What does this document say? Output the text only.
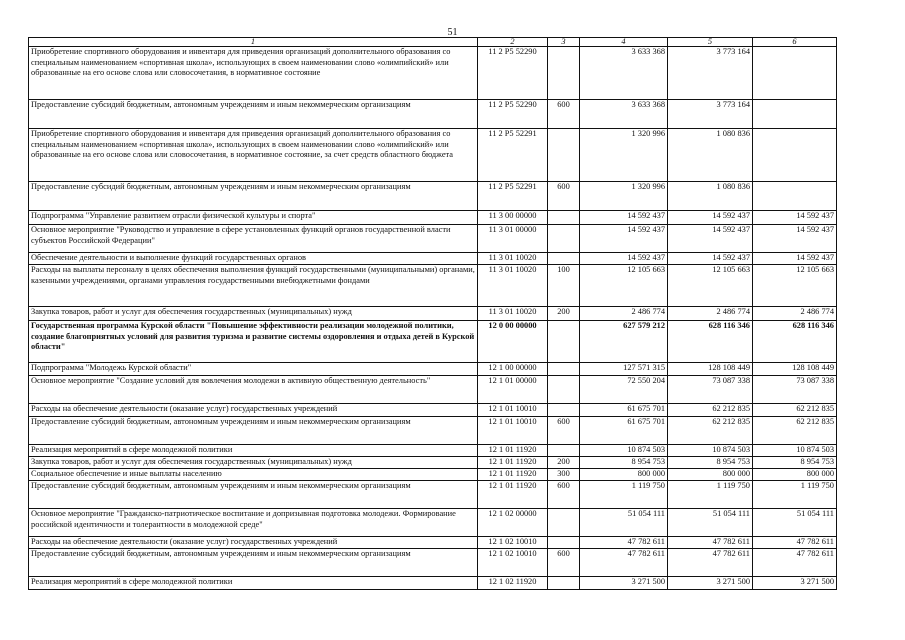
51
1	2	3	4	5	6
Приобретение спортивного оборудования и инвентаря для приведения организаций дополнительного образования со специальным наименованием «спортивная школа», использующих в своем наименовании слово «олимпийский» или образованные на его основе слова или словосочетания, в нормативное состояние	11 2 P5 52290		3 633 368	3 773 164	
Предоставление субсидий бюджетным, автономным учреждениям и иным некоммерческим организациям	11 2 P5 52290	600	3 633 368	3 773 164	
Приобретение спортивного оборудования и инвентаря для приведения организаций дополнительного образования со специальным наименованием «спортивная школа», использующих в своем наименовании слово «олимпийский» или образованные на его основе слова или словосочетания, в нормативное состояние, за счет средств областного бюджета	11 2 P5 52291		1 320 996	1 080 836	
Предоставление субсидий бюджетным, автономным учреждениям и иным некоммерческим организациям	11 2 P5 52291	600	1 320 996	1 080 836	
Подпрограмма "Управление развитием отрасли физической культуры и спорта"	11 3 00 00000		14 592 437	14 592 437	14 592 437
Основное мероприятие "Руководство и управление в сфере установленных функций органов государственной власти субъектов Российской Федерации"	11 3 01 00000		14 592 437	14 592 437	14 592 437
Обеспечение деятельности и выполнение функций государственных органов	11 3 01 10020		14 592 437	14 592 437	14 592 437
Расходы на выплаты персоналу в целях обеспечения выполнения функций государственными (муниципальными) органами, казенными учреждениями, органами управления государственными внебюджетными фондами	11 3 01 10020	100	12 105 663	12 105 663	12 105 663
Закупка товаров, работ и услуг для обеспечения государственных (муниципальных) нужд	11 3 01 10020	200	2 486 774	2 486 774	2 486 774
Государственная программа Курской области "Повышение эффективности реализации молодежной политики, создание благоприятных условий для развития туризма и развитие системы оздоровления и отдыха детей в Курской области"	12 0 00 00000		627 579 212	628 116 346	628 116 346
Подпрограмма "Молодежь Курской области"	12 1 00 00000		127 571 315	128 108 449	128 108 449
Основное мероприятие "Создание условий для вовлечения молодежи в активную общественную деятельность"	12 1 01 00000		72 550 204	73 087 338	73 087 338
Расходы на обеспечение деятельности (оказание услуг) государственных учреждений	12 1 01 10010		61 675 701	62 212 835	62 212 835
Предоставление субсидий бюджетным, автономным учреждениям и иным некоммерческим организациям	12 1 01 10010	600	61 675 701	62 212 835	62 212 835
Реализация мероприятий в сфере молодежной политики	12 1 01 11920		10 874 503	10 874 503	10 874 503
Закупка товаров, работ и услуг для обеспечения государственных (муниципальных) нужд	12 1 01 11920	200	8 954 753	8 954 753	8 954 753
Социальное обеспечение и иные выплаты населению	12 1 01 11920	300	800 000	800 000	800 000
Предоставление субсидий бюджетным, автономным учреждениям и иным некоммерческим организациям	12 1 01 11920	600	1 119 750	1 119 750	1 119 750
Основное мероприятие "Гражданско-патриотическое воспитание и допризывная подготовка молодежи. Формирование российской идентичности и толерантности в молодежной среде"	12 1 02 00000		51 054 111	51 054 111	51 054 111
Расходы на обеспечение деятельности (оказание услуг) государственных учреждений	12 1 02 10010		47 782 611	47 782 611	47 782 611
Предоставление субсидий бюджетным, автономным учреждениям и иным некоммерческим организациям	12 1 02 10010	600	47 782 611	47 782 611	47 782 611
Реализация мероприятий в сфере молодежной политики	12 1 02 11920		3 271 500	3 271 500	3 271 500
